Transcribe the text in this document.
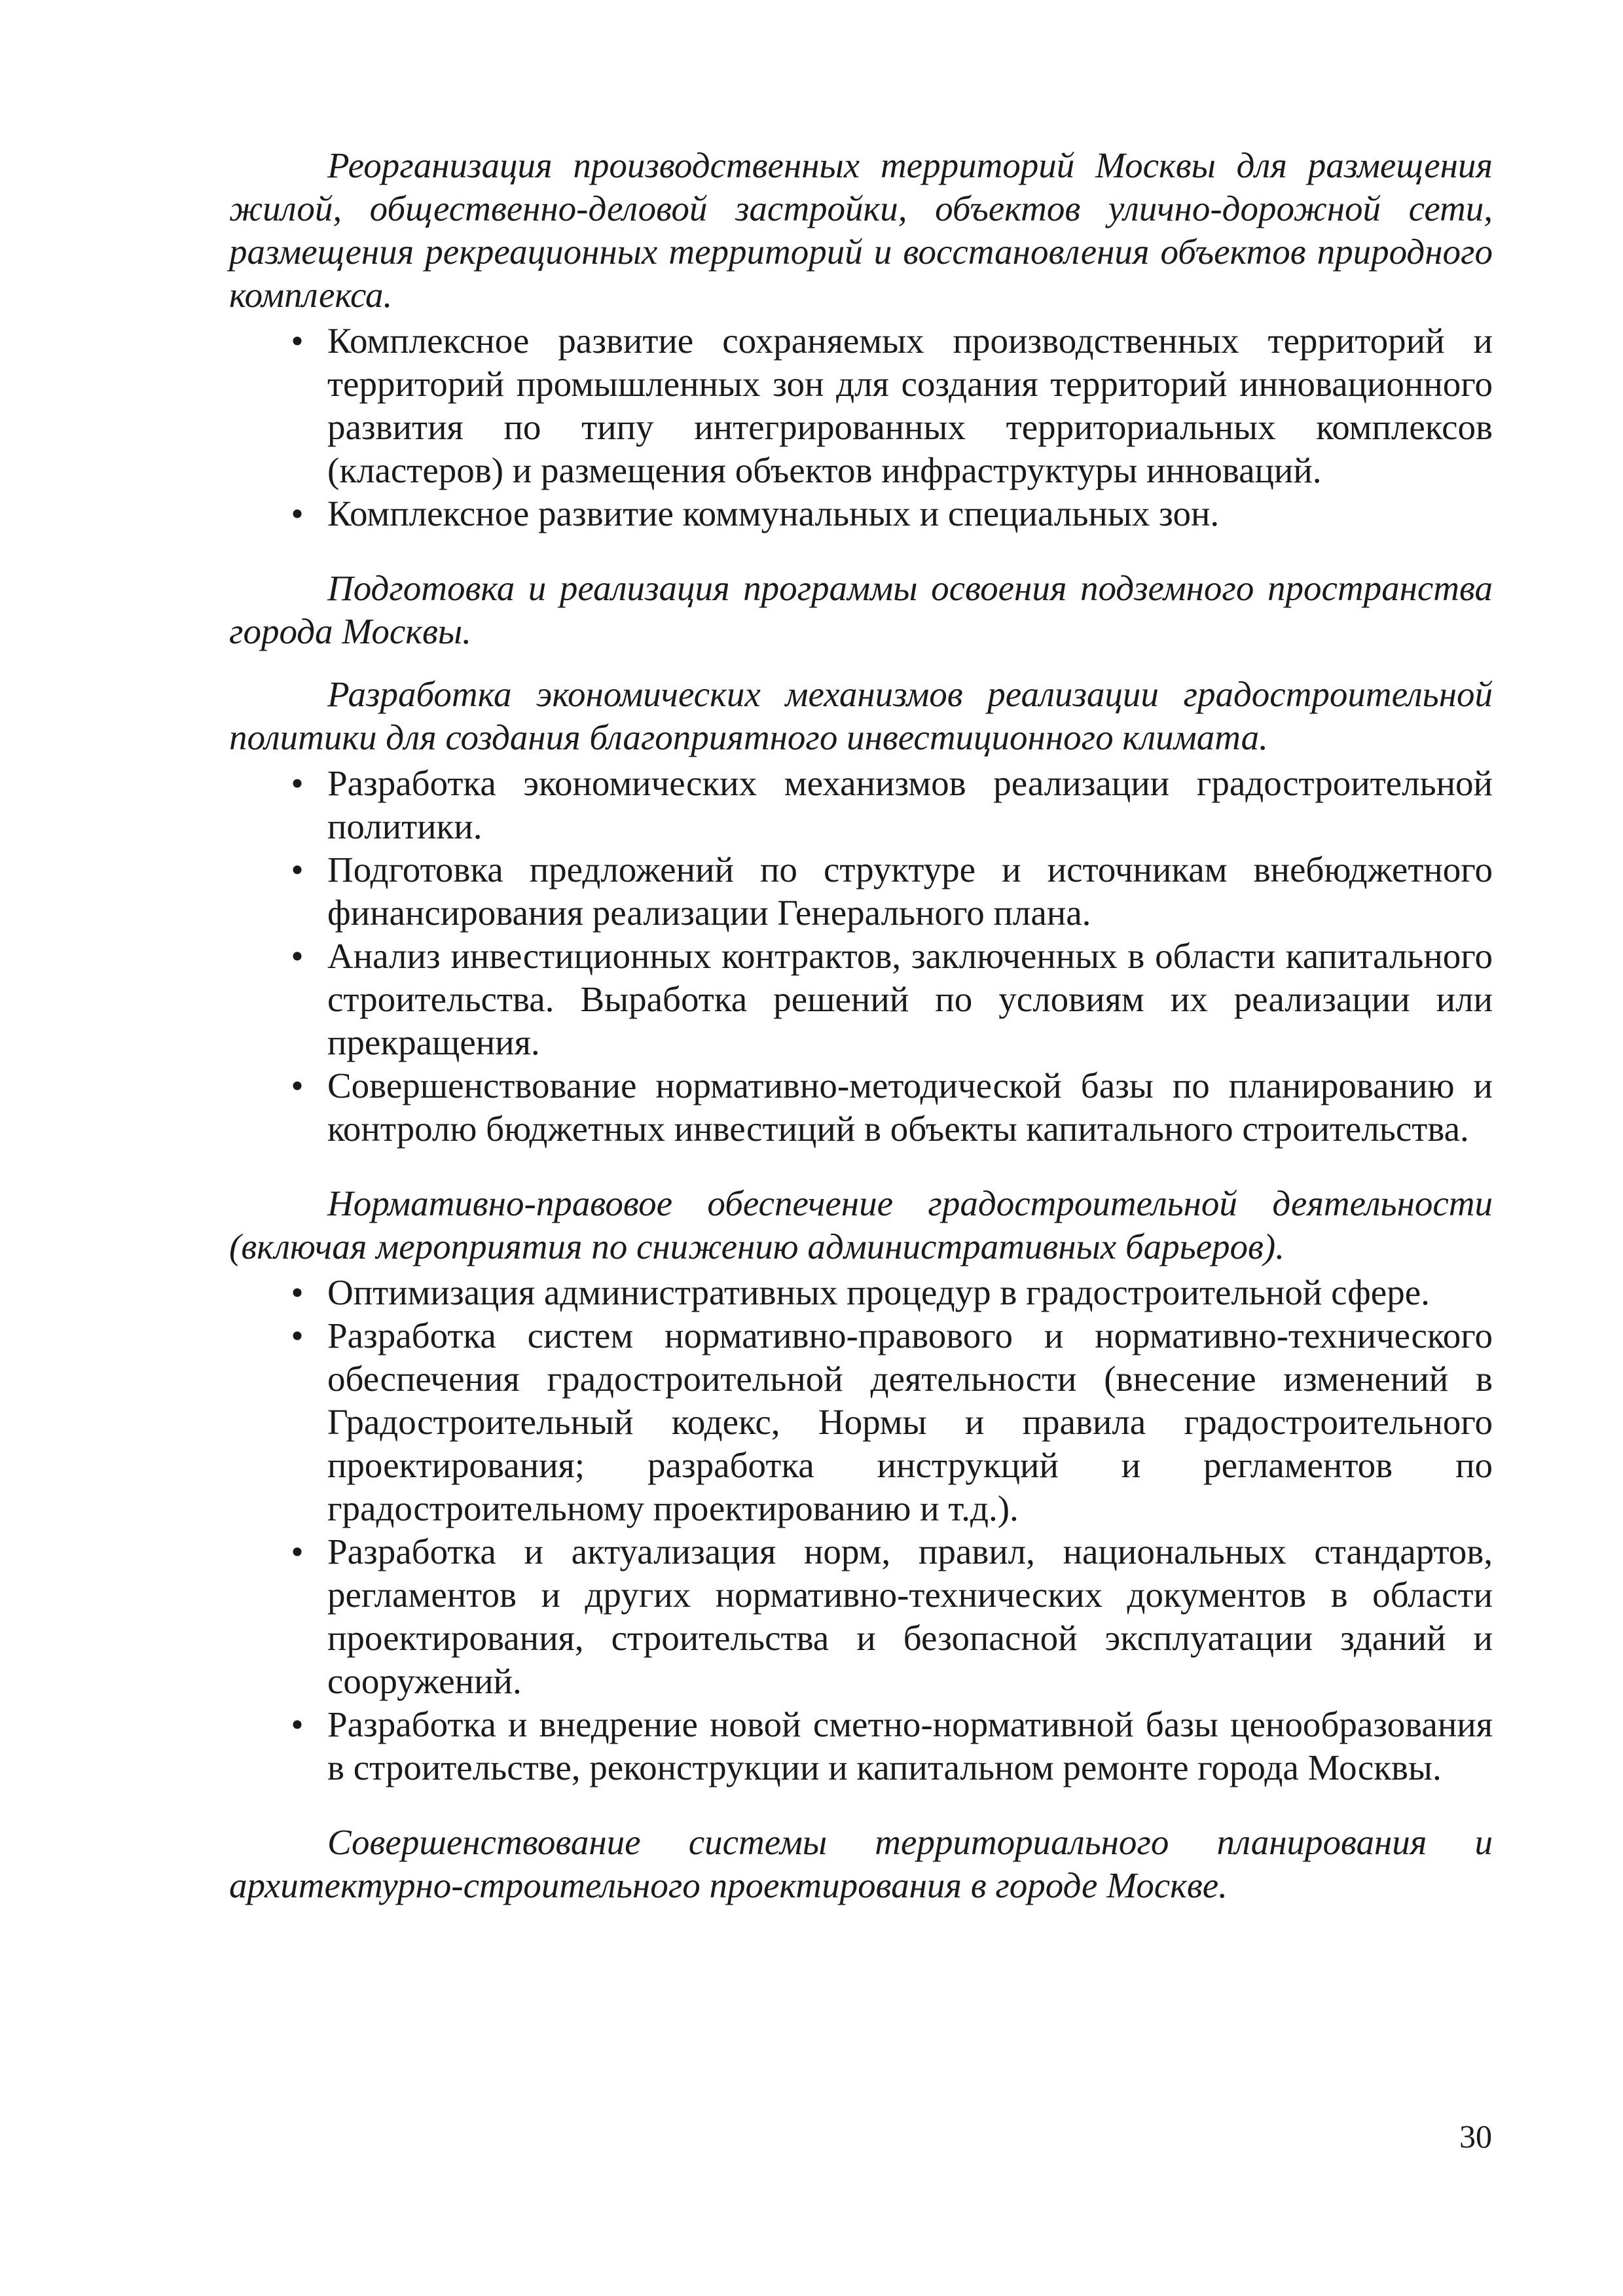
Реорганизация производственных территорий Москвы для размещения жилой, общественно-деловой застройки, объектов улично-дорожной сети, размещения рекреационных территорий и восстановления объектов природного комплекса.

• Комплексное развитие сохраняемых производственных территорий и территорий промышленных зон для создания территорий инновационного развития по типу интегрированных территориальных комплексов (кластеров) и размещения объектов инфраструктуры инноваций.
• Комплексное развитие коммунальных и специальных зон.

Подготовка и реализация программы освоения подземного пространства города Москвы.

Разработка экономических механизмов реализации градостроительной политики для создания благоприятного инвестиционного климата.

• Разработка экономических механизмов реализации градостроительной политики.
• Подготовка предложений по структуре и источникам внебюджетного финансирования реализации Генерального плана.
• Анализ инвестиционных контрактов, заключенных в области капитального строительства. Выработка решений по условиям их реализации или прекращения.
• Совершенствование нормативно-методической базы по планированию и контролю бюджетных инвестиций в объекты капитального строительства.

Нормативно-правовое обеспечение градостроительной деятельности (включая мероприятия по снижению административных барьеров).

• Оптимизация административных процедур в градостроительной сфере.
• Разработка систем нормативно-правового и нормативно-технического обеспечения градостроительной деятельности (внесение изменений в Градостроительный кодекс, Нормы и правила градостроительного проектирования; разработка инструкций и регламентов по градостроительному проектированию и т.д.).
• Разработка и актуализация норм, правил, национальных стандартов, регламентов и других нормативно-технических документов в области проектирования, строительства и безопасной эксплуатации зданий и сооружений.
• Разработка и внедрение новой сметно-нормативной базы ценообразования в строительстве, реконструкции и капитальном ремонте города Москвы.

Совершенствование системы территориального планирования и архитектурно-строительного проектирования в городе Москве.

30
